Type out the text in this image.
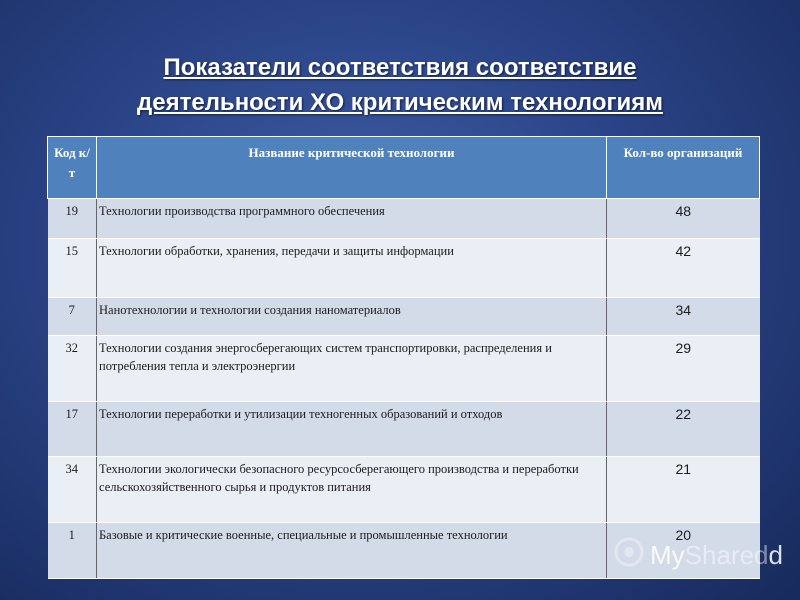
Показатели соответствия соответствие
деятельности ХО критическим технологиям
Код к/т	Название критической технологии	Кол-во организаций
19	Технологии производства программного обеспечения	48
15	Технологии обработки, хранения, передачи и защиты информации	42
7	Нанотехнологии и технологии создания наноматериалов	34
32	Технологии создания энергосберегающих систем транспортировки, распределения и потребления тепла и электроэнергии	29
17	Технологии переработки и утилизации техногенных образований и отходов	22
34	Технологии экологически безопасного ресурсосберегающего производства и переработки сельскохозяйственного сырья и продуктов питания	21
1	Базовые и критические военные, специальные и промышленные технологии	20
MySharedd
